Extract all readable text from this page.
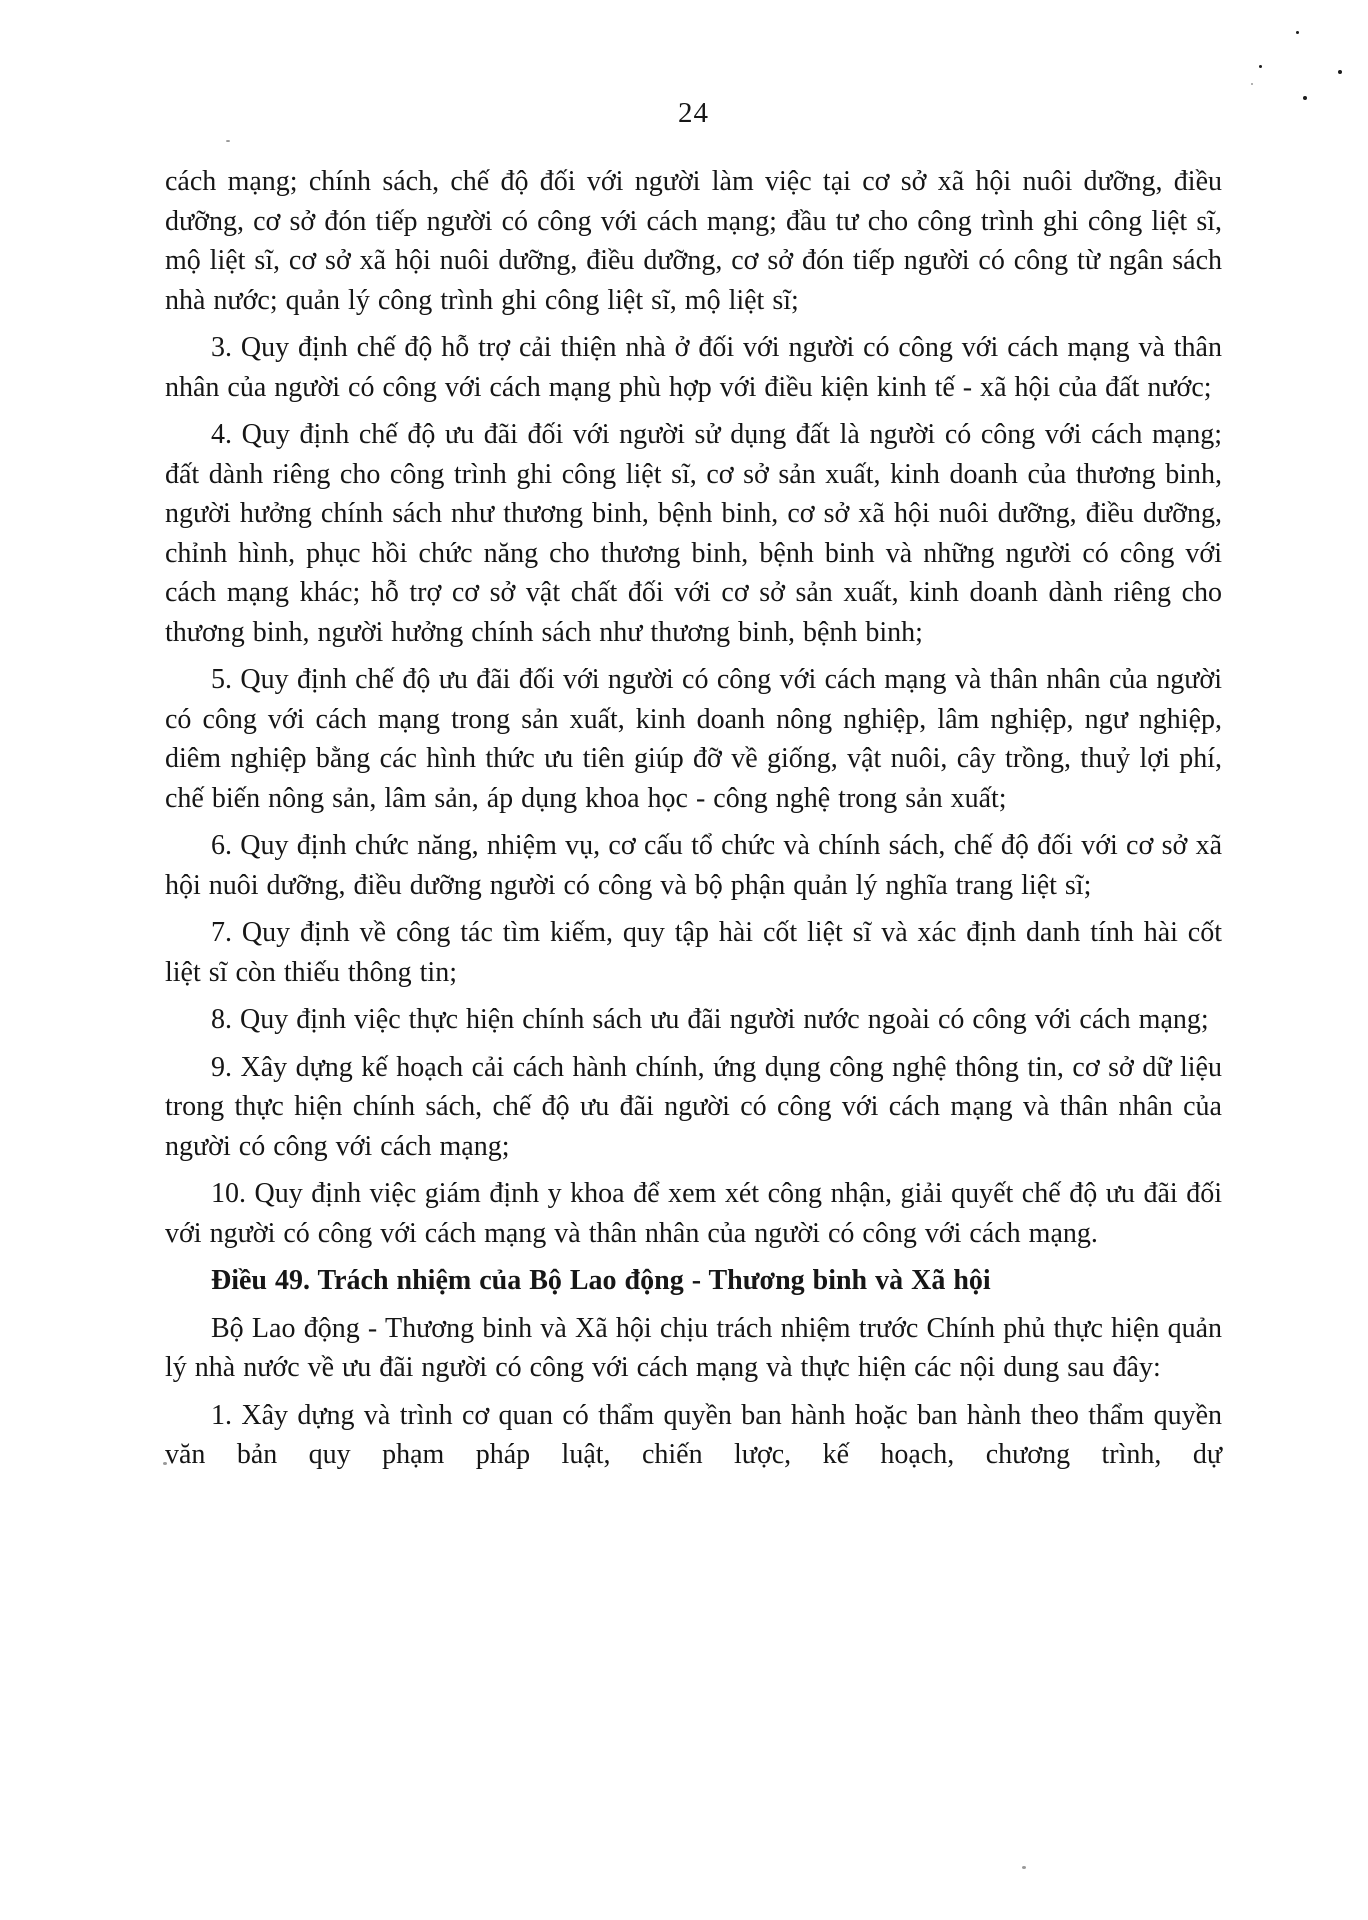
24

cách mạng; chính sách, chế độ đối với người làm việc tại cơ sở xã hội nuôi dưỡng, điều dưỡng, cơ sở đón tiếp người có công với cách mạng; đầu tư cho công trình ghi công liệt sĩ, mộ liệt sĩ, cơ sở xã hội nuôi dưỡng, điều dưỡng, cơ sở đón tiếp người có công từ ngân sách nhà nước; quản lý công trình ghi công liệt sĩ, mộ liệt sĩ;

3. Quy định chế độ hỗ trợ cải thiện nhà ở đối với người có công với cách mạng và thân nhân của người có công với cách mạng phù hợp với điều kiện kinh tế - xã hội của đất nước;

4. Quy định chế độ ưu đãi đối với người sử dụng đất là người có công với cách mạng; đất dành riêng cho công trình ghi công liệt sĩ, cơ sở sản xuất, kinh doanh của thương binh, người hưởng chính sách như thương binh, bệnh binh, cơ sở xã hội nuôi dưỡng, điều dưỡng, chỉnh hình, phục hồi chức năng cho thương binh, bệnh binh và những người có công với cách mạng khác; hỗ trợ cơ sở vật chất đối với cơ sở sản xuất, kinh doanh dành riêng cho thương binh, người hưởng chính sách như thương binh, bệnh binh;

5. Quy định chế độ ưu đãi đối với người có công với cách mạng và thân nhân của người có công với cách mạng trong sản xuất, kinh doanh nông nghiệp, lâm nghiệp, ngư nghiệp, diêm nghiệp bằng các hình thức ưu tiên giúp đỡ về giống, vật nuôi, cây trồng, thuỷ lợi phí, chế biến nông sản, lâm sản, áp dụng khoa học - công nghệ trong sản xuất;

6. Quy định chức năng, nhiệm vụ, cơ cấu tổ chức và chính sách, chế độ đối với cơ sở xã hội nuôi dưỡng, điều dưỡng người có công và bộ phận quản lý nghĩa trang liệt sĩ;

7. Quy định về công tác tìm kiếm, quy tập hài cốt liệt sĩ và xác định danh tính hài cốt liệt sĩ còn thiếu thông tin;

8. Quy định việc thực hiện chính sách ưu đãi người nước ngoài có công với cách mạng;

9. Xây dựng kế hoạch cải cách hành chính, ứng dụng công nghệ thông tin, cơ sở dữ liệu trong thực hiện chính sách, chế độ ưu đãi người có công với cách mạng và thân nhân của người có công với cách mạng;

10. Quy định việc giám định y khoa để xem xét công nhận, giải quyết chế độ ưu đãi đối với người có công với cách mạng và thân nhân của người có công với cách mạng.

Điều 49. Trách nhiệm của Bộ Lao động - Thương binh và Xã hội

Bộ Lao động - Thương binh và Xã hội chịu trách nhiệm trước Chính phủ thực hiện quản lý nhà nước về ưu đãi người có công với cách mạng và thực hiện các nội dung sau đây:

1. Xây dựng và trình cơ quan có thẩm quyền ban hành hoặc ban hành theo thẩm quyền văn bản quy phạm pháp luật, chiến lược, kế hoạch, chương trình, dự
